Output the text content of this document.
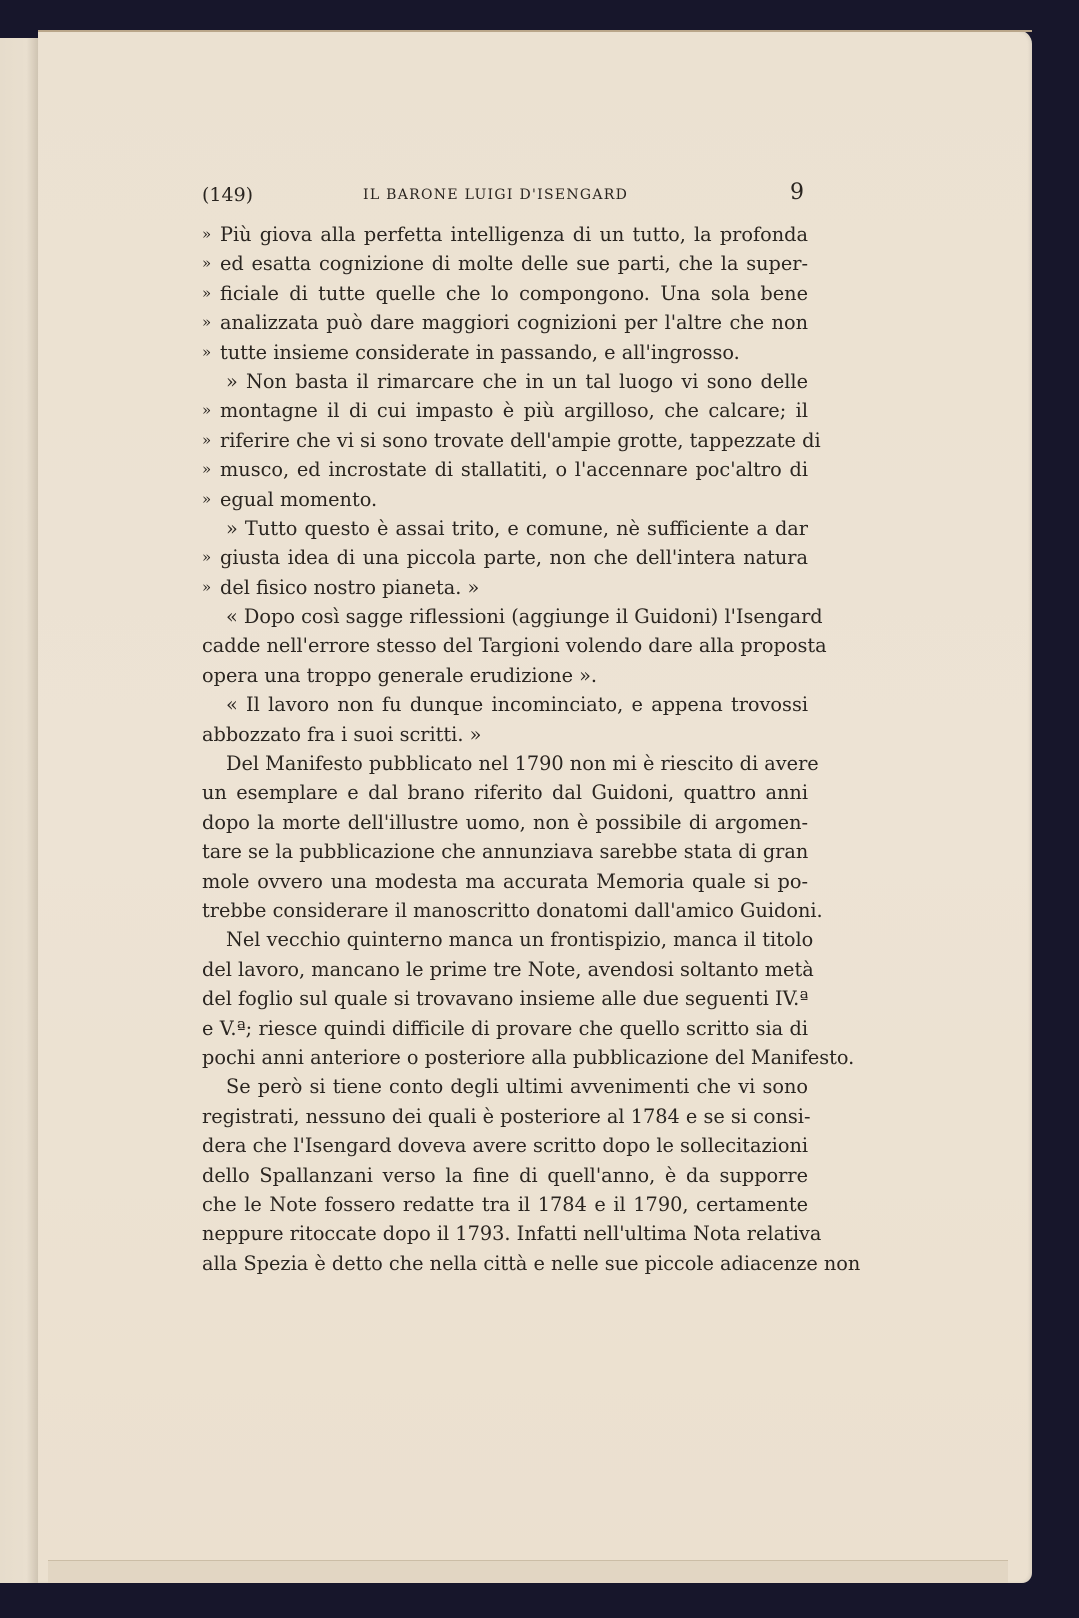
(149)	IL BARONE LUIGI D'ISENGARD	9
» Più giova alla perfetta intelligenza di un tutto, la profonda
» ed esatta cognizione di molte delle sue parti, che la super-
» ficiale di tutte quelle che lo compongono. Una sola bene
» analizzata può dare maggiori cognizioni per l'altre che non
» tutte insieme considerate in passando, e all'ingrosso.
» Non basta il rimarcare che in un tal luogo vi sono delle
» montagne il di cui impasto è più argilloso, che calcare; il
» riferire che vi si sono trovate dell'ampie grotte, tappezzate di
» musco, ed incrostate di stallatiti, o l'accennare poc'altro di
» egual momento.
» Tutto questo è assai trito, e comune, nè sufficiente a dar
» giusta idea di una piccola parte, non che dell'intera natura
» del fisico nostro pianeta. »
« Dopo così sagge riflessioni (aggiunge il Guidoni) l'Isengard
cadde nell'errore stesso del Targioni volendo dare alla proposta
opera una troppo generale erudizione ».
« Il lavoro non fu dunque incominciato, e appena trovossi
abbozzato fra i suoi scritti. »
Del Manifesto pubblicato nel 1790 non mi è riescito di avere
un esemplare e dal brano riferito dal Guidoni, quattro anni
dopo la morte dell'illustre uomo, non è possibile di argomen-
tare se la pubblicazione che annunziava sarebbe stata di gran
mole ovvero una modesta ma accurata Memoria quale si po-
trebbe considerare il manoscritto donatomi dall'amico Guidoni.
Nel vecchio quinterno manca un frontispizio, manca il titolo
del lavoro, mancano le prime tre Note, avendosi soltanto metà
del foglio sul quale si trovavano insieme alle due seguenti IV.ª
e V.ª; riesce quindi difficile di provare che quello scritto sia di
pochi anni anteriore o posteriore alla pubblicazione del Manifesto.
Se però si tiene conto degli ultimi avvenimenti che vi sono
registrati, nessuno dei quali è posteriore al 1784 e se si consi-
dera che l'Isengard doveva avere scritto dopo le sollecitazioni
dello Spallanzani verso la fine di quell'anno, è da supporre
che le Note fossero redatte tra il 1784 e il 1790, certamente
neppure ritoccate dopo il 1793. Infatti nell'ultima Nota relativa
alla Spezia è detto che nella città e nelle sue piccole adiacenze non
